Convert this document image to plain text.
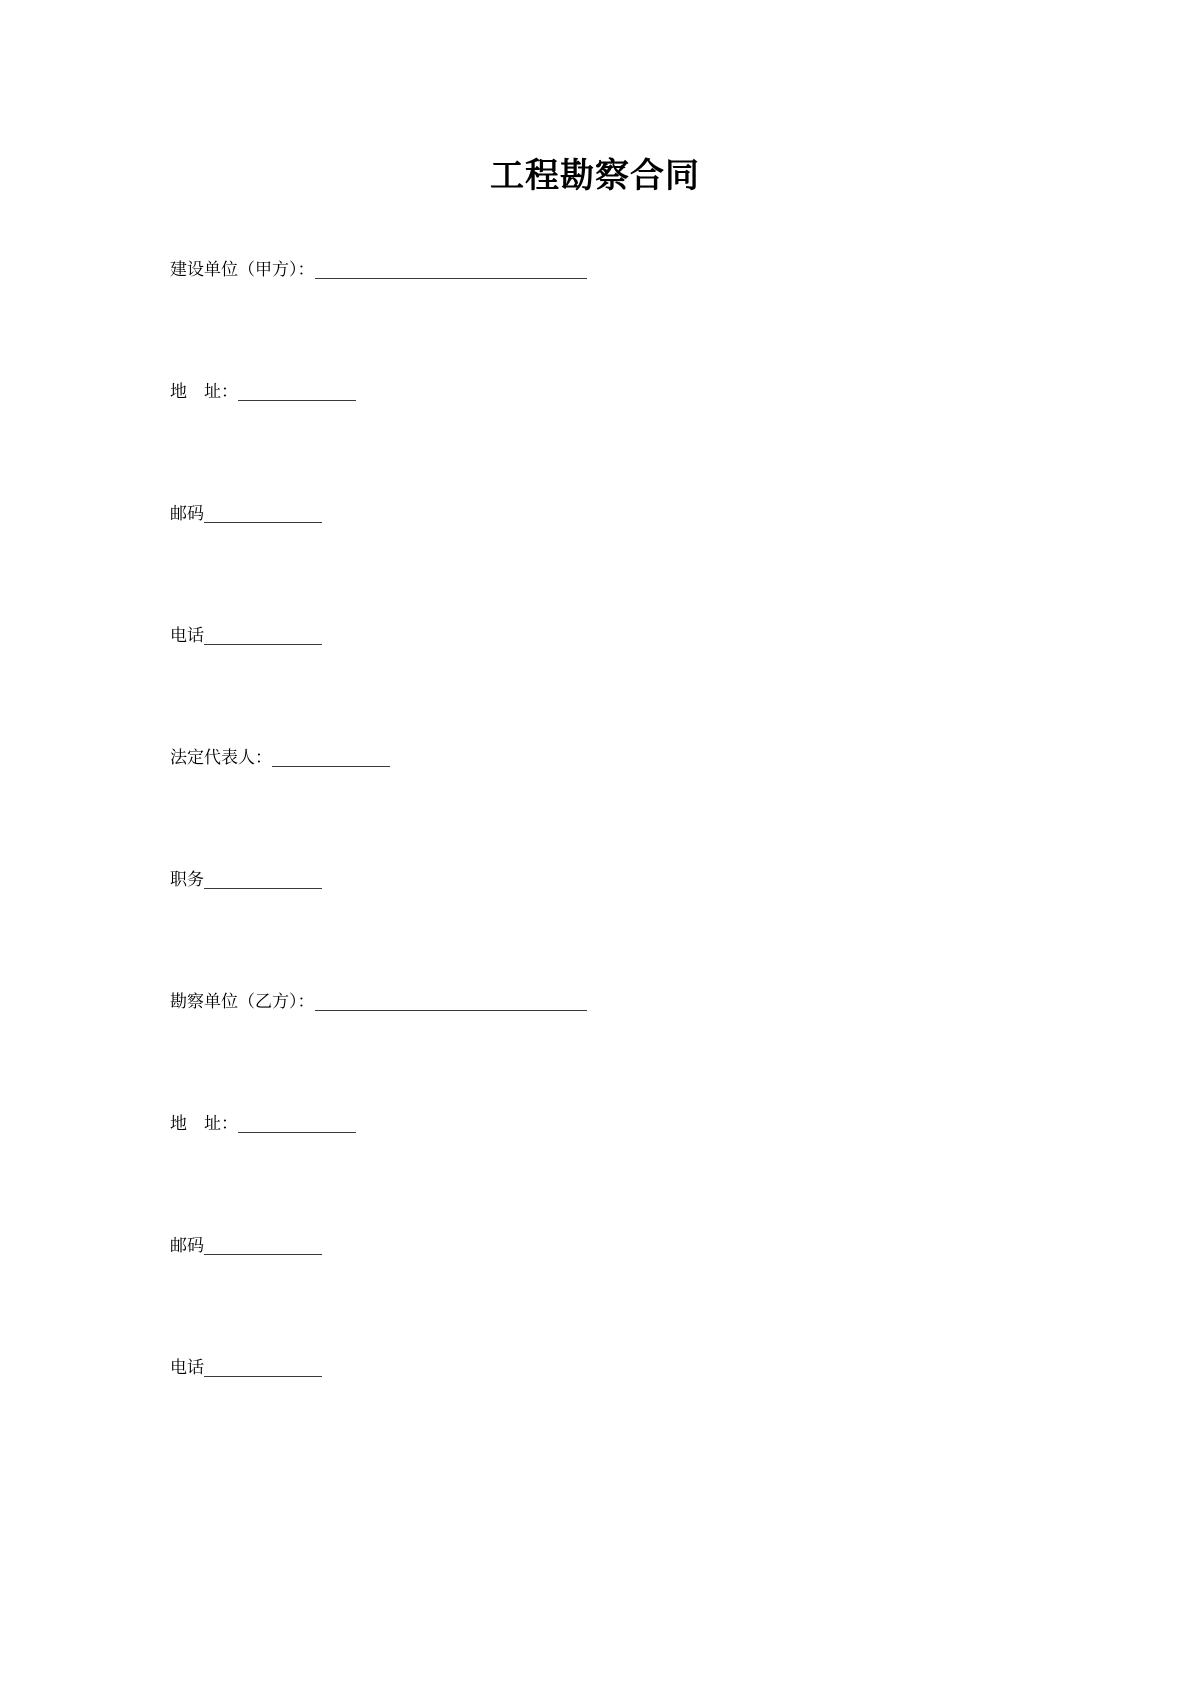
工程勘察合同
建设单位（甲方）：
地　址：
邮码
电话
法定代表人：
职务
勘察单位（乙方）：
地　址：
邮码
电话
